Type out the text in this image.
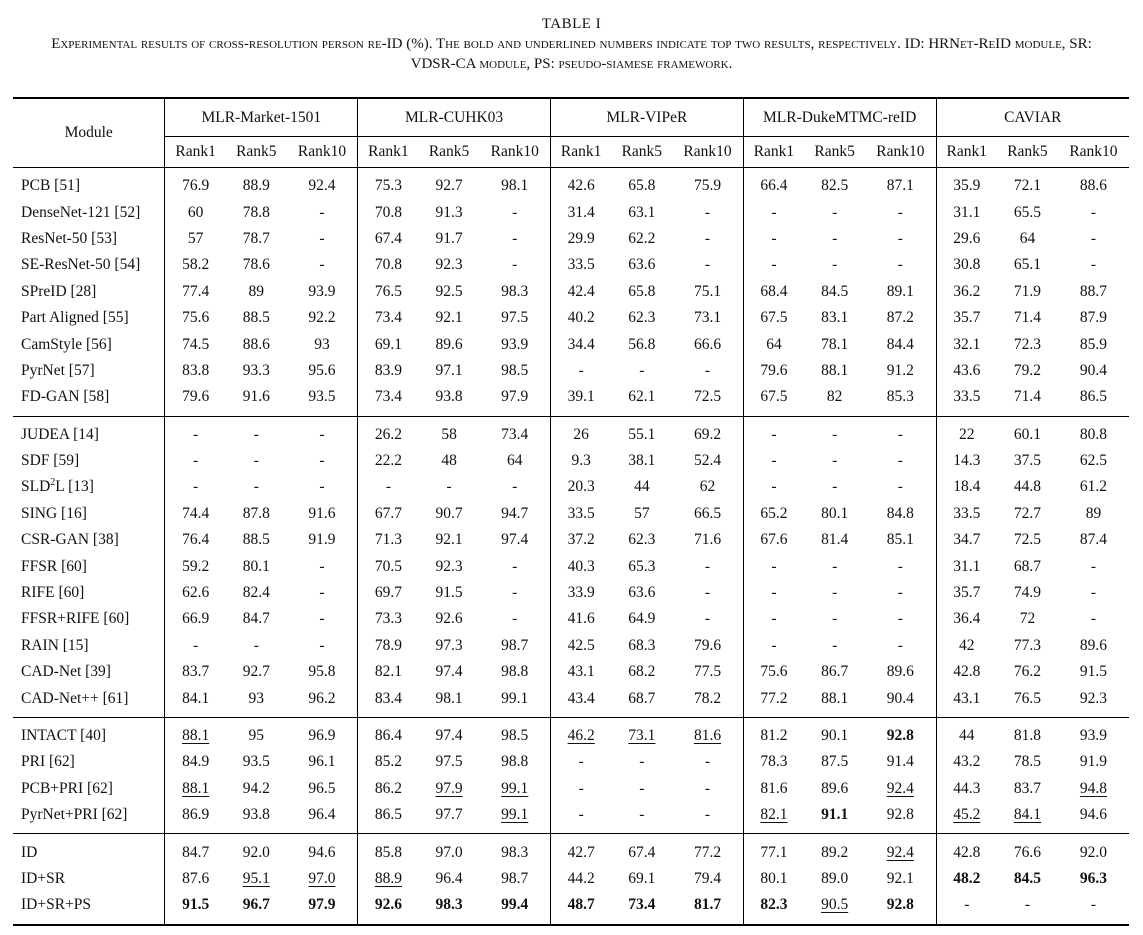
TABLE I
Experimental results of cross-resolution person re-ID (%). The bold and underlined numbers indicate top two results, respectively. ID: HRNet-ReID module, SR: VDSR-CA module, PS: pseudo-siamese framework.
Module	MLR-Market-1501			MLR-CUHK03			MLR-VIPeR			MLR-DukeMTMC-reID			CAVIAR		
	Rank1	Rank5	Rank10	Rank1	Rank5	Rank10	Rank1	Rank5	Rank10	Rank1	Rank5	Rank10	Rank1	Rank5	Rank10
PCB [51]	76.9	88.9	92.4	75.3	92.7	98.1	42.6	65.8	75.9	66.4	82.5	87.1	35.9	72.1	88.6
DenseNet-121 [52]	60	78.8	-	70.8	91.3	-	31.4	63.1	-	-	-	-	31.1	65.5	-
ResNet-50 [53]	57	78.7	-	67.4	91.7	-	29.9	62.2	-	-	-	-	29.6	64	-
SE-ResNet-50 [54]	58.2	78.6	-	70.8	92.3	-	33.5	63.6	-	-	-	-	30.8	65.1	-
SPreID [28]	77.4	89	93.9	76.5	92.5	98.3	42.4	65.8	75.1	68.4	84.5	89.1	36.2	71.9	88.7
Part Aligned [55]	75.6	88.5	92.2	73.4	92.1	97.5	40.2	62.3	73.1	67.5	83.1	87.2	35.7	71.4	87.9
CamStyle [56]	74.5	88.6	93	69.1	89.6	93.9	34.4	56.8	66.6	64	78.1	84.4	32.1	72.3	85.9
PyrNet [57]	83.8	93.3	95.6	83.9	97.1	98.5	-	-	-	79.6	88.1	91.2	43.6	79.2	90.4
FD-GAN [58]	79.6	91.6	93.5	73.4	93.8	97.9	39.1	62.1	72.5	67.5	82	85.3	33.5	71.4	86.5
JUDEA [14]	-	-	-	26.2	58	73.4	26	55.1	69.2	-	-	-	22	60.1	80.8
SDF [59]	-	-	-	22.2	48	64	9.3	38.1	52.4	-	-	-	14.3	37.5	62.5
SLD$^2$L [13]	-	-	-	-	-	-	20.3	44	62	-	-	-	18.4	44.8	61.2
SING [16]	74.4	87.8	91.6	67.7	90.7	94.7	33.5	57	66.5	65.2	80.1	84.8	33.5	72.7	89
CSR-GAN [38]	76.4	88.5	91.9	71.3	92.1	97.4	37.2	62.3	71.6	67.6	81.4	85.1	34.7	72.5	87.4
FFSR [60]	59.2	80.1	-	70.5	92.3	-	40.3	65.3	-	-	-	-	31.1	68.7	-
RIFE [60]	62.6	82.4	-	69.7	91.5	-	33.9	63.6	-	-	-	-	35.7	74.9	-
FFSR+RIFE [60]	66.9	84.7	-	73.3	92.6	-	41.6	64.9	-	-	-	-	36.4	72	-
RAIN [15]	-	-	-	78.9	97.3	98.7	42.5	68.3	79.6	-	-	-	42	77.3	89.6
CAD-Net [39]	83.7	92.7	95.8	82.1	97.4	98.8	43.1	68.2	77.5	75.6	86.7	89.6	42.8	76.2	91.5
CAD-Net++ [61]	84.1	93	96.2	83.4	98.1	99.1	43.4	68.7	78.2	77.2	88.1	90.4	43.1	76.5	92.3
INTACT [40]	88.1	95	96.9	86.4	97.4	98.5	46.2	73.1	81.6	81.2	90.1	92.8	44	81.8	93.9
PRI [62]	84.9	93.5	96.1	85.2	97.5	98.8	-	-	-	78.3	87.5	91.4	43.2	78.5	91.9
PCB+PRI [62]	88.1	94.2	96.5	86.2	97.9	99.1	-	-	-	81.6	89.6	92.4	44.3	83.7	94.8
PyrNet+PRI [62]	86.9	93.8	96.4	86.5	97.7	99.1	-	-	-	82.1	91.1	92.8	45.2	84.1	94.6
ID	84.7	92.0	94.6	85.8	97.0	98.3	42.7	67.4	77.2	77.1	89.2	92.4	42.8	76.6	92.0
ID+SR	87.6	95.1	97.0	88.9	96.4	98.7	44.2	69.1	79.4	80.1	89.0	92.1	48.2	84.5	96.3
ID+SR+PS	91.5	96.7	97.9	92.6	98.3	99.4	48.7	73.4	81.7	82.3	90.5	92.8	-	-	-
